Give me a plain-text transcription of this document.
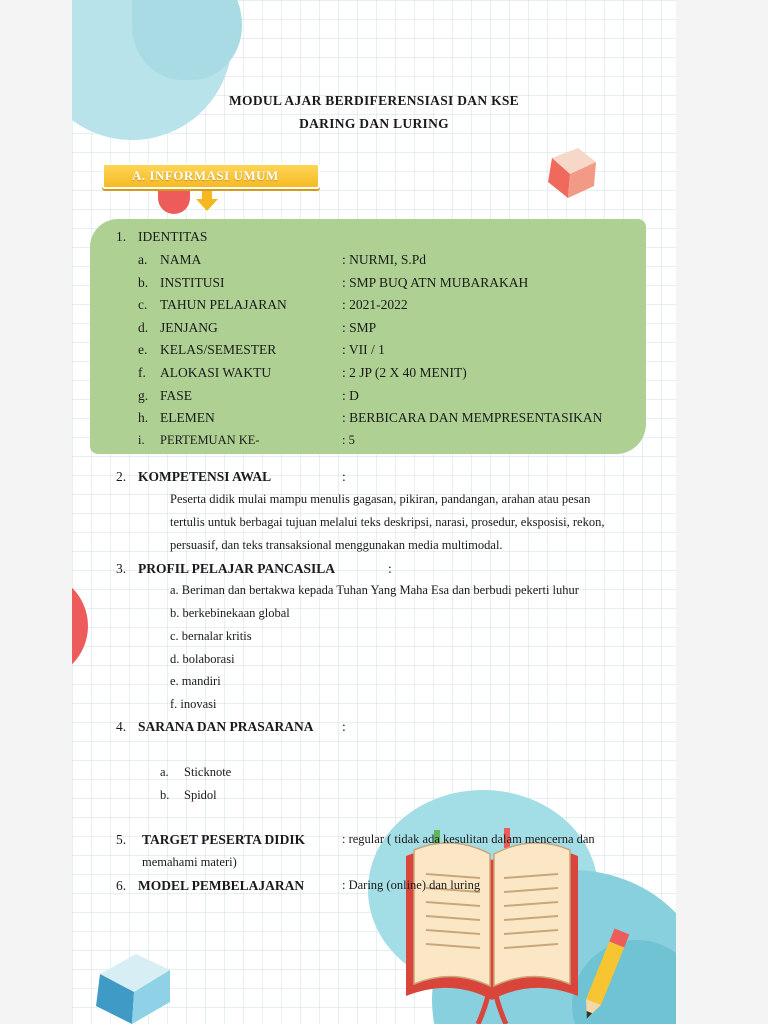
MODUL AJAR BERDIFERENSIASI DAN KSE
DARING DAN LURING
A. INFORMASI UMUM
1. IDENTITAS
a. NAMA	: NURMI, S.Pd
b. INSTITUSI	: SMP BUQ ATN MUBARAKAH
c. TAHUN PELAJARAN	: 2021-2022
d. JENJANG	: SMP
e. KELAS/SEMESTER	: VII / 1
f. ALOKASI WAKTU	: 2 JP (2 X 40 MENIT)
g. FASE	: D
h. ELEMEN	: BERBICARA DAN MEMPRESENTASIKAN
i. PERTEMUAN KE-	: 5
2. KOMPETENSI AWAL	:
Peserta didik mulai mampu menulis gagasan, pikiran, pandangan, arahan atau pesan
tertulis untuk berbagai tujuan melalui teks deskripsi, narasi, prosedur, eksposisi, rekon,
persuasif, dan teks transaksional menggunakan media multimodal.
3. PROFIL PELAJAR PANCASILA	:
a. Beriman dan bertakwa kepada Tuhan Yang Maha Esa dan berbudi pekerti luhur
b. berkebinekaan global
c. bernalar kritis
d. bolaborasi
e. mandiri
f. inovasi
4. SARANA DAN PRASARANA :
a. Sticknote
b. Spidol
5. TARGET PESERTA DIDIK	: regular ( tidak ada kesulitan dalam mencerna dan
memahami materi)
6. MODEL PEMBELAJARAN	: Daring (online) dan luring
